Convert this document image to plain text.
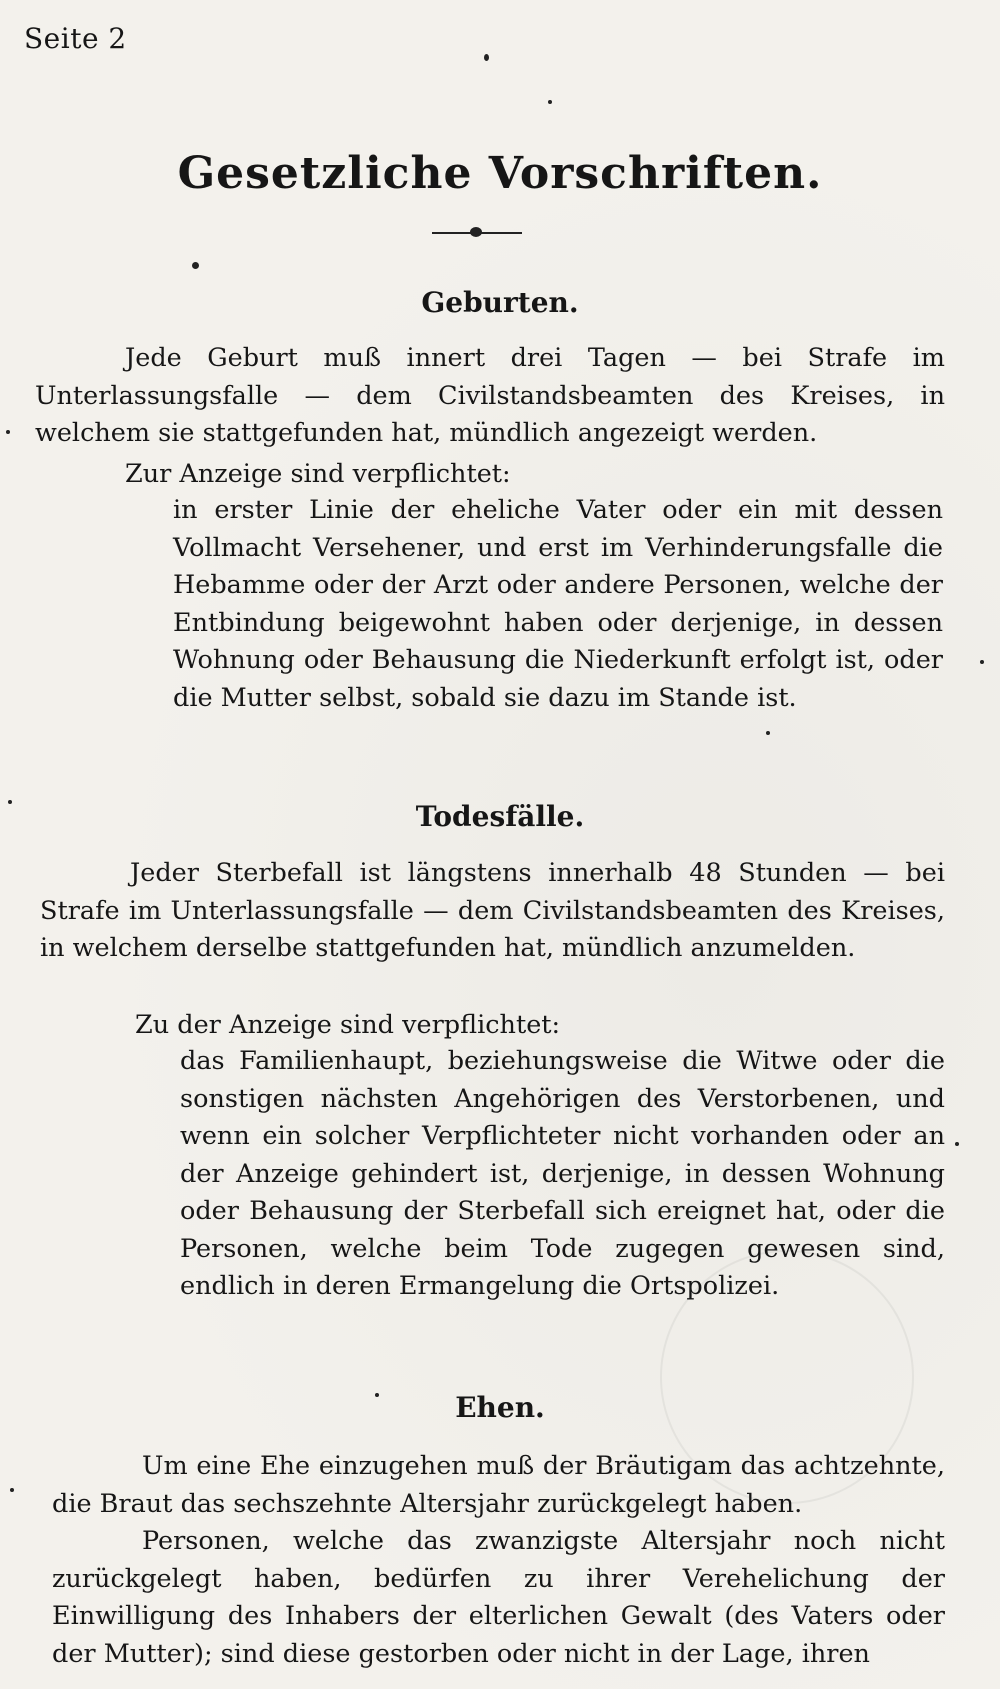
Seite 2
Gesetzliche Vorschriften.
Geburten.

Jede Geburt muß innert drei Tagen — bei Strafe im Unterlassungsfalle — dem Civilstandsbeamten des Kreises, in welchem sie stattgefunden hat, mündlich angezeigt werden.

Zur Anzeige sind verpflichtet:

in erster Linie der eheliche Vater oder ein mit dessen Vollmacht Versehener, und erst im Verhinderungsfalle die Hebamme oder der Arzt oder andere Personen, welche der Entbindung beigewohnt haben oder derjenige, in dessen Wohnung oder Behausung die Niederkunft erfolgt ist, oder die Mutter selbst, sobald sie dazu im Stande ist.

Todesfälle.

Jeder Sterbefall ist längstens innerhalb 48 Stunden — bei Strafe im Unterlassungsfalle — dem Civilstandsbeamten des Kreises, in welchem derselbe stattgefunden hat, mündlich anzumelden.

Zu der Anzeige sind verpflichtet:

das Familienhaupt, beziehungsweise die Witwe oder die sonstigen nächsten Angehörigen des Verstorbenen, und wenn ein solcher Verpflichteter nicht vorhanden oder an der Anzeige gehindert ist, derjenige, in dessen Wohnung oder Behausung der Sterbefall sich ereignet hat, oder die Personen, welche beim Tode zugegen gewesen sind, endlich in deren Ermangelung die Ortspolizei.

Ehen.

Um eine Ehe einzugehen muß der Bräutigam das achtzehnte, die Braut das sechszehnte Altersjahr zurückgelegt haben.

Personen, welche das zwanzigste Altersjahr noch nicht zurückgelegt haben, bedürfen zu ihrer Verehelichung der Einwilligung des Inhabers der elterlichen Gewalt (des Vaters oder der Mutter); sind diese gestorben oder nicht in der Lage, ihren
